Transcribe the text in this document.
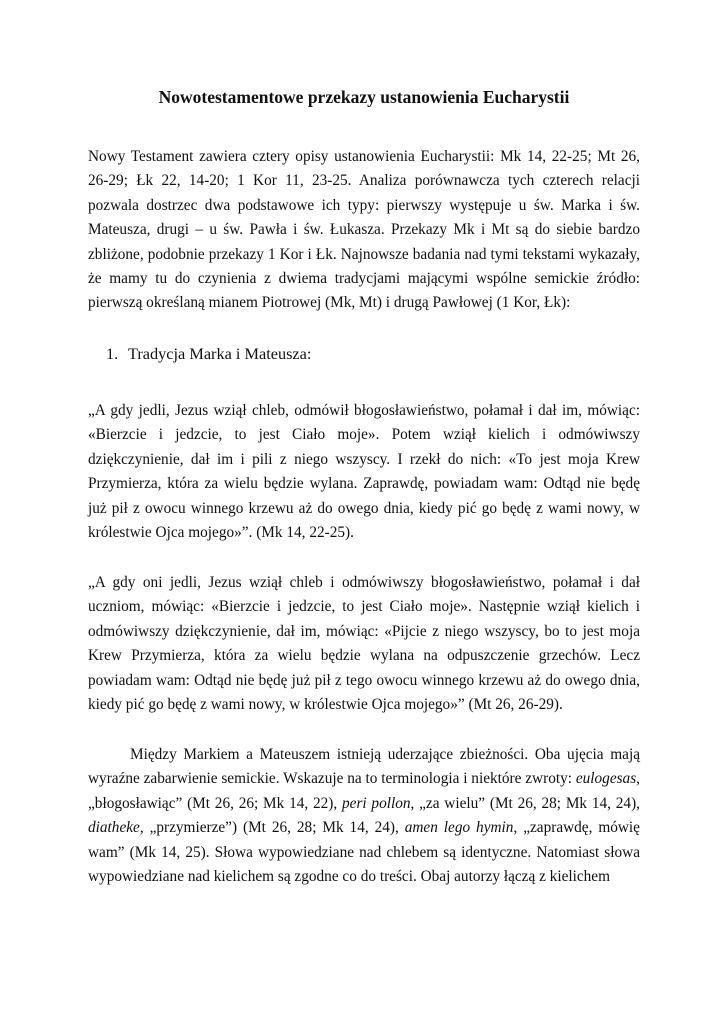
Nowotestamentowe przekazy ustanowienia Eucharystii

Nowy Testament zawiera cztery opisy ustanowienia Eucharystii: Mk 14, 22-25; Mt 26, 26-29; Łk 22, 14-20; 1 Kor 11, 23-25. Analiza porównawcza tych czterech relacji pozwala dostrzec dwa podstawowe ich typy: pierwszy występuje u św. Marka i św. Mateusza, drugi – u św. Pawła i św. Łukasza. Przekazy Mk i Mt są do siebie bardzo zbliżone, podobnie przekazy 1 Kor i Łk. Najnowsze badania nad tymi tekstami wykazały, że mamy tu do czynienia z dwiema tradycjami mającymi wspólne semickie źródło: pierwszą określaną mianem Piotrowej (Mk, Mt) i drugą Pawłowej (1 Kor, Łk):

1. Tradycja Marka i Mateusza:

„A gdy jedli, Jezus wziął chleb, odmówił błogosławieństwo, połamał i dał im, mówiąc: «Bierzcie i jedzcie, to jest Ciało moje». Potem wziął kielich i odmówiwszy dziękczynienie, dał im i pili z niego wszyscy. I rzekł do nich: «To jest moja Krew Przymierza, która za wielu będzie wylana. Zaprawdę, powiadam wam: Odtąd nie będę już pił z owocu winnego krzewu aż do owego dnia, kiedy pić go będę z wami nowy, w królestwie Ojca mojego»”. (Mk 14, 22-25).

„A gdy oni jedli, Jezus wziął chleb i odmówiwszy błogosławieństwo, połamał i dał uczniom, mówiąc: «Bierzcie i jedzcie, to jest Ciało moje». Następnie wziął kielich i odmówiwszy dziękczynienie, dał im, mówiąc: «Pijcie z niego wszyscy, bo to jest moja Krew Przymierza, która za wielu będzie wylana na odpuszczenie grzechów. Lecz powiadam wam: Odtąd nie będę już pił z tego owocu winnego krzewu aż do owego dnia, kiedy pić go będę z wami nowy, w królestwie Ojca mojego»” (Mt 26, 26-29).

Między Markiem a Mateuszem istnieją uderzające zbieżności. Oba ujęcia mają wyraźne zabarwienie semickie. Wskazuje na to terminologia i niektóre zwroty: eulogesas, „błogosławiąc” (Mt 26, 26; Mk 14, 22), peri pollon, „za wielu” (Mt 26, 28; Mk 14, 24), diatheke, „przymierze”) (Mt 26, 28; Mk 14, 24), amen lego hymin, „zaprawdę, mówię wam” (Mk 14, 25). Słowa wypowiedziane nad chlebem są identyczne. Natomiast słowa wypowiedziane nad kielichem są zgodne co do treści. Obaj autorzy łączą z kielichem
